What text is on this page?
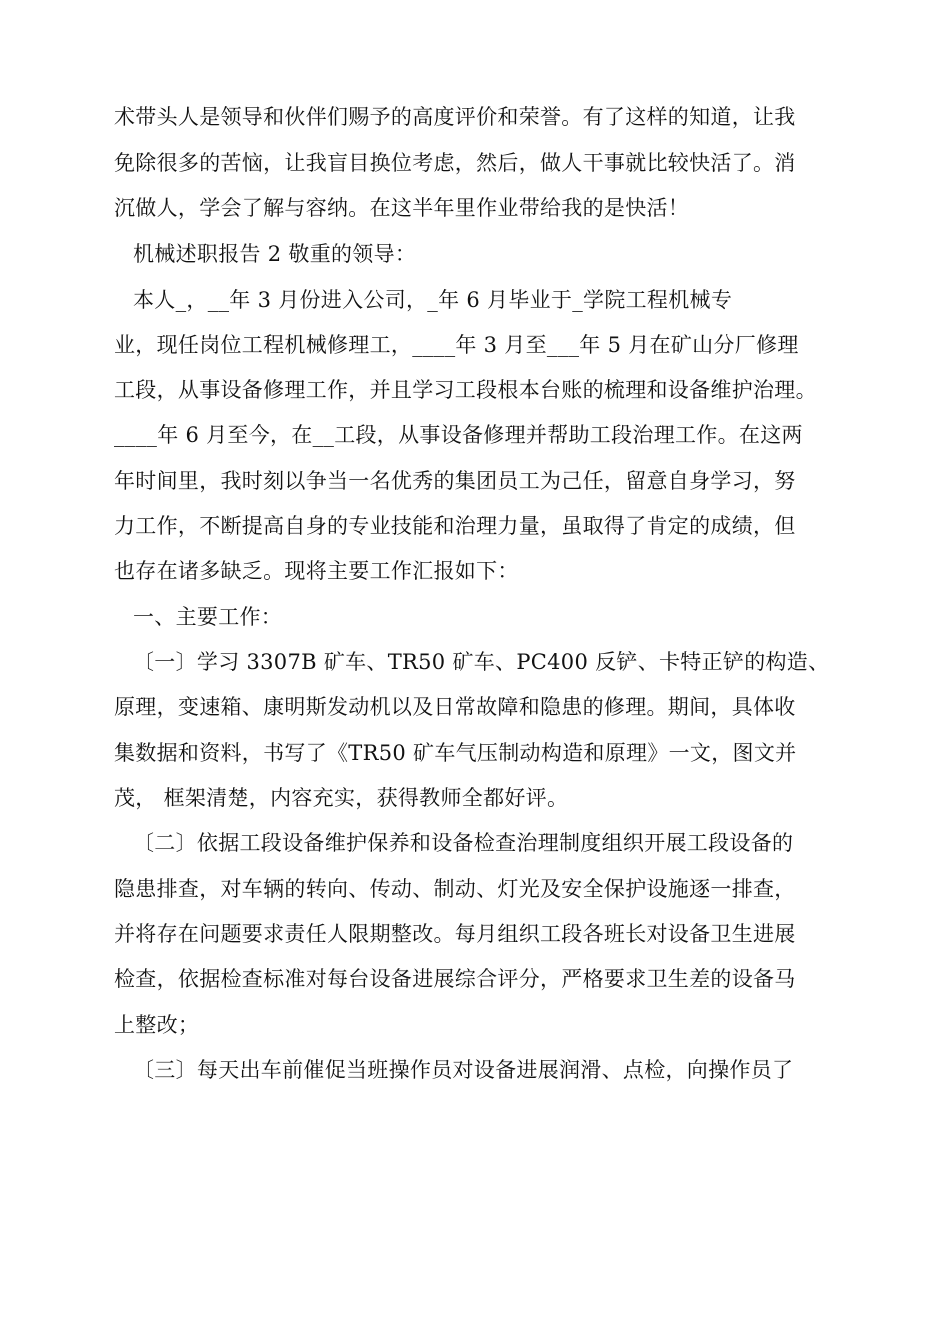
术带头人是领导和伙伴们赐予的高度评价和荣誉。有了这样的知道，让我
免除很多的苦恼，让我盲目换位考虑，然后，做人干事就比较快活了。消
沉做人，学会了解与容纳。在这半年里作业带给我的是快活！
机械述职报告 2 敬重的领导：
本人_，__年 3 月份进入公司，_年 6 月毕业于_学院工程机械专
业，现任岗位工程机械修理工，____年 3 月至___年 5 月在矿山分厂修理
工段，从事设备修理工作，并且学习工段根本台账的梳理和设备维护治理。
____年 6 月至今，在__工段，从事设备修理并帮助工段治理工作。在这两
年时间里，我时刻以争当一名优秀的集团员工为己任，留意自身学习，努
力工作，不断提高自身的专业技能和治理力量，虽取得了肯定的成绩，但
也存在诸多缺乏。现将主要工作汇报如下：
一、主要工作：
〔一〕学习 3307B 矿车、TR50 矿车、PC400 反铲、卡特正铲的构造、
原理，变速箱、康明斯发动机以及日常故障和隐患的修理。期间，具体收
集数据和资料，书写了《TR50 矿车气压制动构造和原理》一文，图文并
茂， 框架清楚，内容充实，获得教师全都好评。
〔二〕依据工段设备维护保养和设备检查治理制度组织开展工段设备的
隐患排查，对车辆的转向、传动、制动、灯光及安全保护设施逐一排查，
并将存在问题要求责任人限期整改。每月组织工段各班长对设备卫生进展
检查，依据检查标准对每台设备进展综合评分，严格要求卫生差的设备马
上整改；
〔三〕每天出车前催促当班操作员对设备进展润滑、点检，向操作员了
